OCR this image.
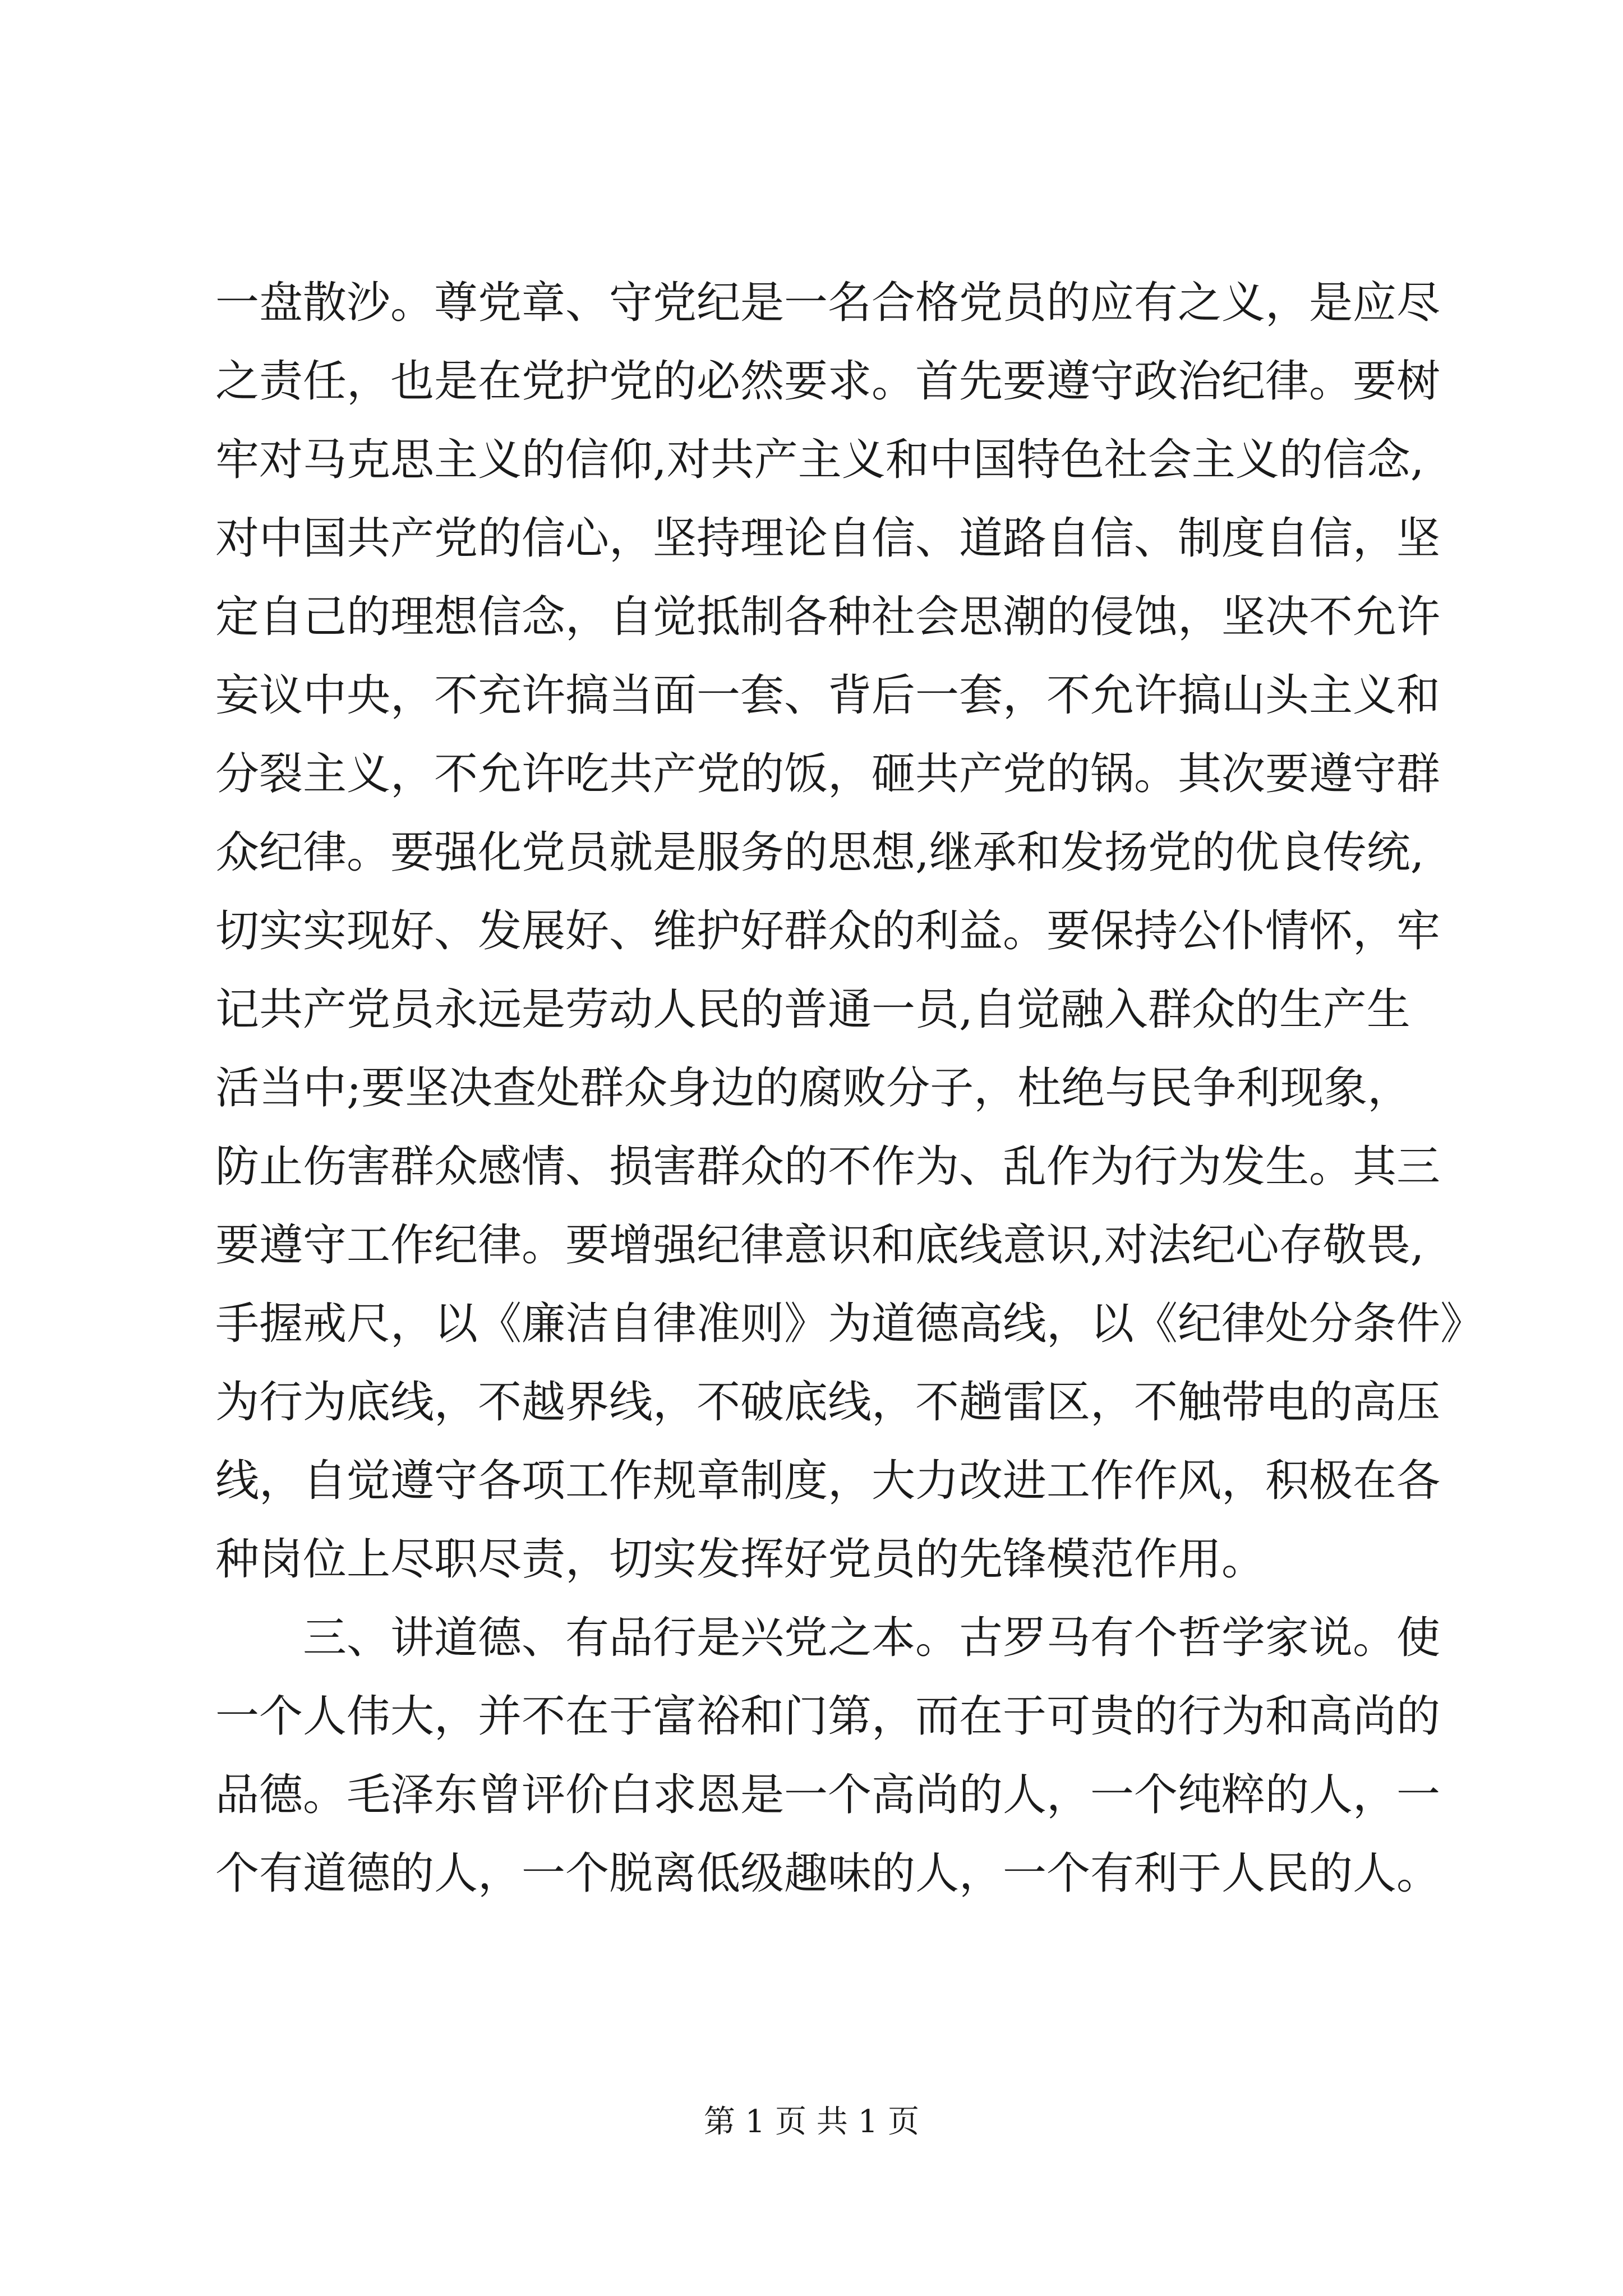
一盘散沙。尊党章、守党纪是一名合格党员的应有之义，是应尽
之责任，也是在党护党的必然要求。首先要遵守政治纪律。要树
牢对马克思主义的信仰,对共产主义和中国特色社会主义的信念,
对中国共产党的信心，坚持理论自信、道路自信、制度自信，坚
定自己的理想信念，自觉抵制各种社会思潮的侵蚀，坚决不允许
妄议中央，不充许搞当面一套、背后一套，不允许搞山头主义和
分裂主义，不允许吃共产党的饭，砸共产党的锅。其次要遵守群
众纪律。要强化党员就是服务的思想,继承和发扬党的优良传统,
切实实现好、发展好、维护好群众的利益。要保持公仆情怀，牢
记共产党员永远是劳动人民的普通一员,自觉融入群众的生产生
活当中;要坚决查处群众身边的腐败分子，杜绝与民争利现象，
防止伤害群众感情、损害群众的不作为、乱作为行为发生。其三
要遵守工作纪律。要增强纪律意识和底线意识,对法纪心存敬畏,
手握戒尺，以《廉洁自律准则》为道德高线，以《纪律处分条件》
为行为底线，不越界线，不破底线，不趟雷区，不触带电的高压
线，自觉遵守各项工作规章制度，大力改进工作作风，积极在各
种岗位上尽职尽责，切实发挥好党员的先锋模范作用。
　　三、讲道德、有品行是兴党之本。古罗马有个哲学家说。使
一个人伟大，并不在于富裕和门第，而在于可贵的行为和高尚的
品德。毛泽东曾评价白求恩是一个高尚的人，一个纯粹的人，一
个有道德的人，一个脱离低级趣味的人，一个有利于人民的人。
第 1 页 共 1 页
